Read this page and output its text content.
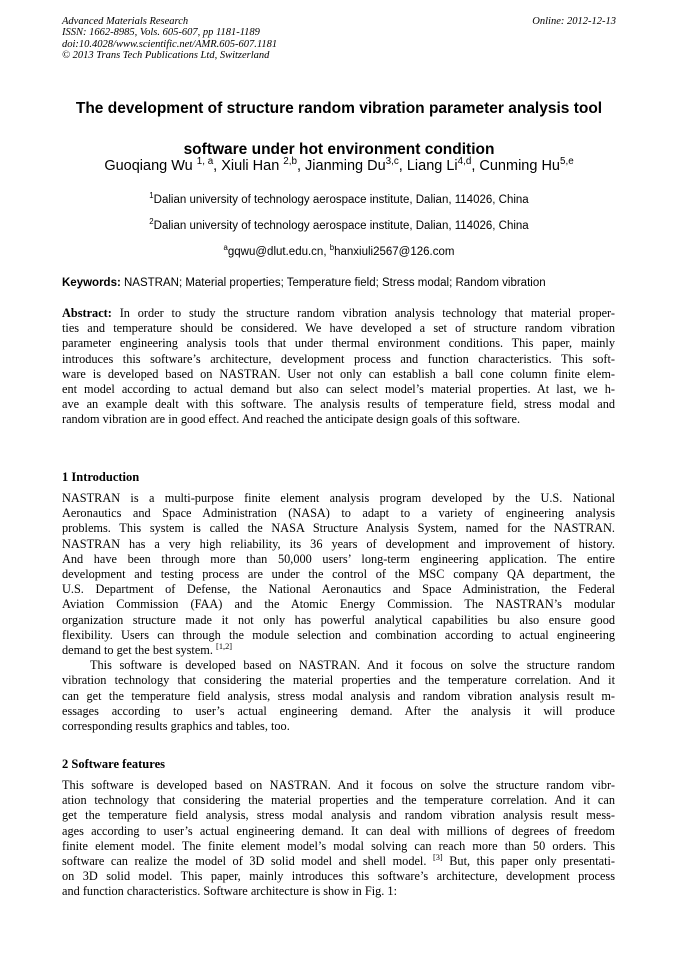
Advanced Materials Research
ISSN: 1662-8985, Vols. 605-607, pp 1181-1189
doi:10.4028/www.scientific.net/AMR.605-607.1181
© 2013 Trans Tech Publications Ltd, Switzerland
Online: 2012-12-13
The development of structure random vibration parameter analysis tool
software under hot environment condition
Guoqiang Wu $^{1, a}$, Xiuli Han $^{2,b}$, Jianming Du$^{3,c}$, Liang Li$^{4,d}$, Cunming Hu$^{5,e}$
$^1$Dalian university of technology aerospace institute, Dalian, 114026, China
$^2$Dalian university of technology aerospace institute, Dalian, 114026, China
$^a$gqwu@dlut.edu.cn, $^b$hanxiuli2567@126.com
Keywords: NASTRAN; Material properties; Temperature field; Stress modal; Random vibration
Abstract: In order to study the structure random vibration analysis technology that material proper-
ties and temperature should be considered. We have developed a set of structure random vibration
parameter engineering analysis tools that under thermal environment conditions. This paper, mainly
introduces this software’s architecture, development process and function characteristics. This soft-
ware is developed based on NASTRAN. User not only can establish a ball cone column finite elem-
ent model according to actual demand but also can select model’s material properties. At last, we h-
ave an example dealt with this software. The analysis results of temperature field, stress modal and
random vibration are in good effect. And reached the anticipate design goals of this software.
1 Introduction
NASTRAN is a multi-purpose finite element analysis program developed by the U.S. National
Aeronautics and Space Administration (NASA) to adapt to a variety of engineering analysis
problems. This system is called the NASA Structure Analysis System, named for the NASTRAN.
NASTRAN has a very high reliability, its 36 years of development and improvement of history.
And have been through more than 50,000 users’ long-term engineering application. The entire
development and testing process are under the control of the MSC company QA department, the
U.S. Department of Defense, the National Aeronautics and Space Administration, the Federal
Aviation Commission (FAA) and the Atomic Energy Commission. The NASTRAN’s modular
organization structure made it not only has powerful analytical capabilities bu also ensure good
flexibility. Users can through the module selection and combination according to actual engineering
demand to get the best system. [1,2]
This software is developed based on NASTRAN. And it focous on solve the structure random
vibration technology that considering the material properties and the temperature correlation. And it
can get the temperature field analysis, stress modal analysis and random vibration analysis result m-
essages according to user’s actual engineering demand. After the analysis it will produce
corresponding results graphics and tables, too.
2 Software features
This software is developed based on NASTRAN. And it focous on solve the structure random vibr-
ation technology that considering the material properties and the temperature correlation. And it can
get the temperature field analysis, stress modal analysis and random vibration analysis result mess-
ages according to user’s actual engineering demand. It can deal with millions of degrees of freedom
finite element model. The finite element model’s modal solving can reach more than 50 orders. This
software can realize the model of 3D solid model and shell model. [3] But, this paper only presentati-
on 3D solid model. This paper, mainly introduces this software’s architecture, development process
and function characteristics. Software architecture is show in Fig. 1:
